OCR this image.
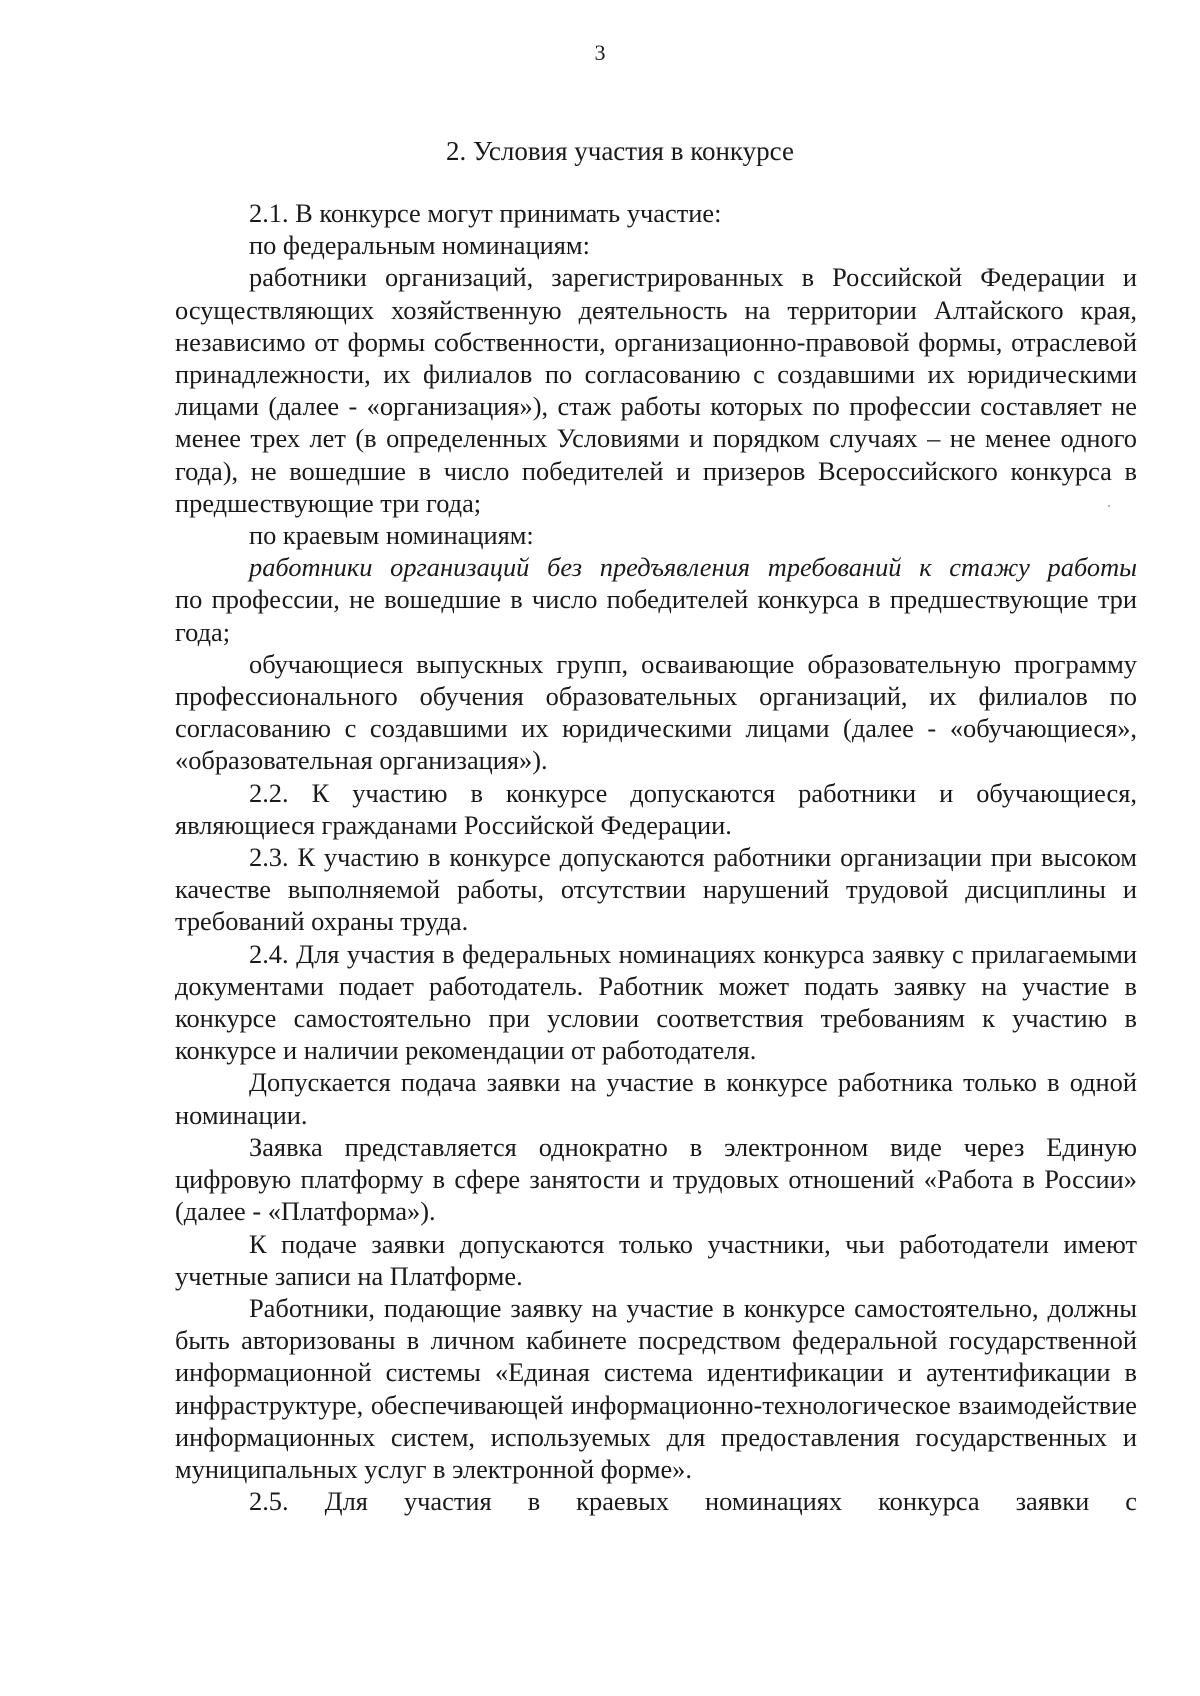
3
2. Условия участия в конкурсе

2.1. В конкурсе могут принимать участие:

по федеральным номинациям:

работники организаций, зарегистрированных в Российской Федерации и осуществляющих хозяйственную деятельность на территории Алтайского края, независимо от формы собственности, организационно-правовой формы, отраслевой принадлежности, их филиалов по согласованию с создавшими их юридическими лицами (далее - «организация»), стаж работы которых по профессии составляет не менее трех лет (в определенных Условиями и порядком случаях – не менее одного года), не вошедшие в число победителей и призеров Всероссийского конкурса в предшествующие три года;

по краевым номинациям:

работники организаций без предъявления требований к стажу работы

по профессии, не вошедшие в число победителей конкурса в предшествующие три года;

обучающиеся выпускных групп, осваивающие образовательную программу профессионального обучения образовательных организаций, их филиалов по согласованию с создавшими их юридическими лицами (далее - «обучающиеся», «образовательная организация»).

2.2. К участию в конкурсе допускаются работники и обучающиеся, являющиеся гражданами Российской Федерации.

2.3. К участию в конкурсе допускаются работники организации при высоком качестве выполняемой работы, отсутствии нарушений трудовой дисциплины и требований охраны труда.

2.4. Для участия в федеральных номинациях конкурса заявку с прилагаемыми документами подает работодатель. Работник может подать заявку на участие в конкурсе самостоятельно при условии соответствия требованиям к участию в конкурсе и наличии рекомендации от работодателя.

Допускается подача заявки на участие в конкурсе работника только в одной номинации.

Заявка представляется однократно в электронном виде через Единую цифровую платформу в сфере занятости и трудовых отношений «Работа в России» (далее - «Платформа»).

К подаче заявки допускаются только участники, чьи работодатели имеют учетные записи на Платформе.

Работники, подающие заявку на участие в конкурсе самостоятельно, должны быть авторизованы в личном кабинете посредством федеральной государственной информационной системы «Единая система идентификации и аутентификации в инфраструктуре, обеспечивающей информационно-технологическое взаимодействие информационных систем, используемых для предоставления государственных и муниципальных услуг в электронной форме».

2.5. Для участия в краевых номинациях конкурса заявки с
